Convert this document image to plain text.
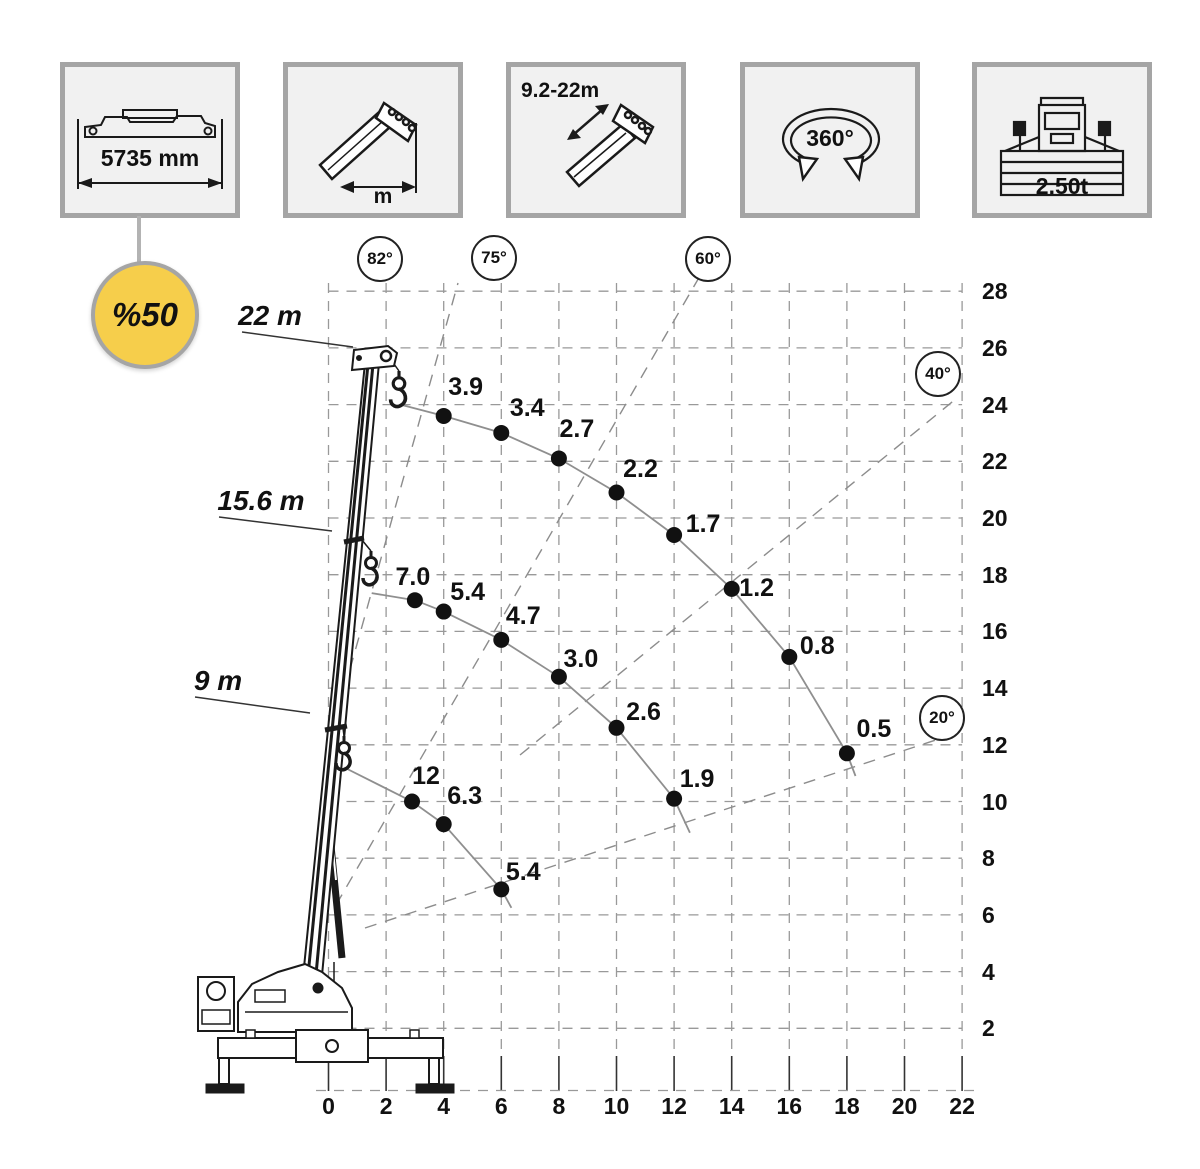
5735 mm
m
9.2-22m
360°
2.50t
%50	22 m
15.6 m
9 m
82°	75°	60°
40°
20°
0	2	4	6	8	10	12	14	16	18	20	22
2
4
6
8
10
12
14
16
18
20
22
24
26
28
3.9
3.4
2.7
2.2
1.7
1.2
0.8
0.5
7.0
5.4
4.7
3.0
2.6
1.9
12
6.3
5.4
